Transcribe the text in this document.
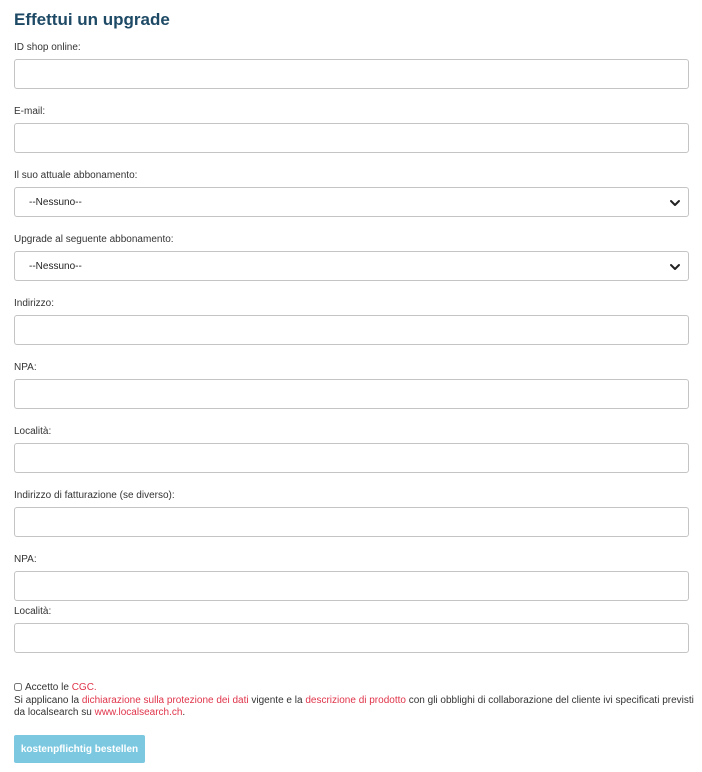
Effettui un upgrade
ID shop online:
E-mail:
Il suo attuale abbonamento:
--Nessuno--
Upgrade al seguente abbonamento:
--Nessuno--
Indirizzo:
NPA:
Località:
Indirizzo di fatturazione (se diverso):
NPA:
Località:
Accetto le CGC.
Si applicano la dichiarazione sulla protezione dei dati vigente e la descrizione di prodotto con gli obblighi di collaborazione del cliente ivi specificati previsti da localsearch su www.localsearch.ch.
kostenpflichtig bestellen
